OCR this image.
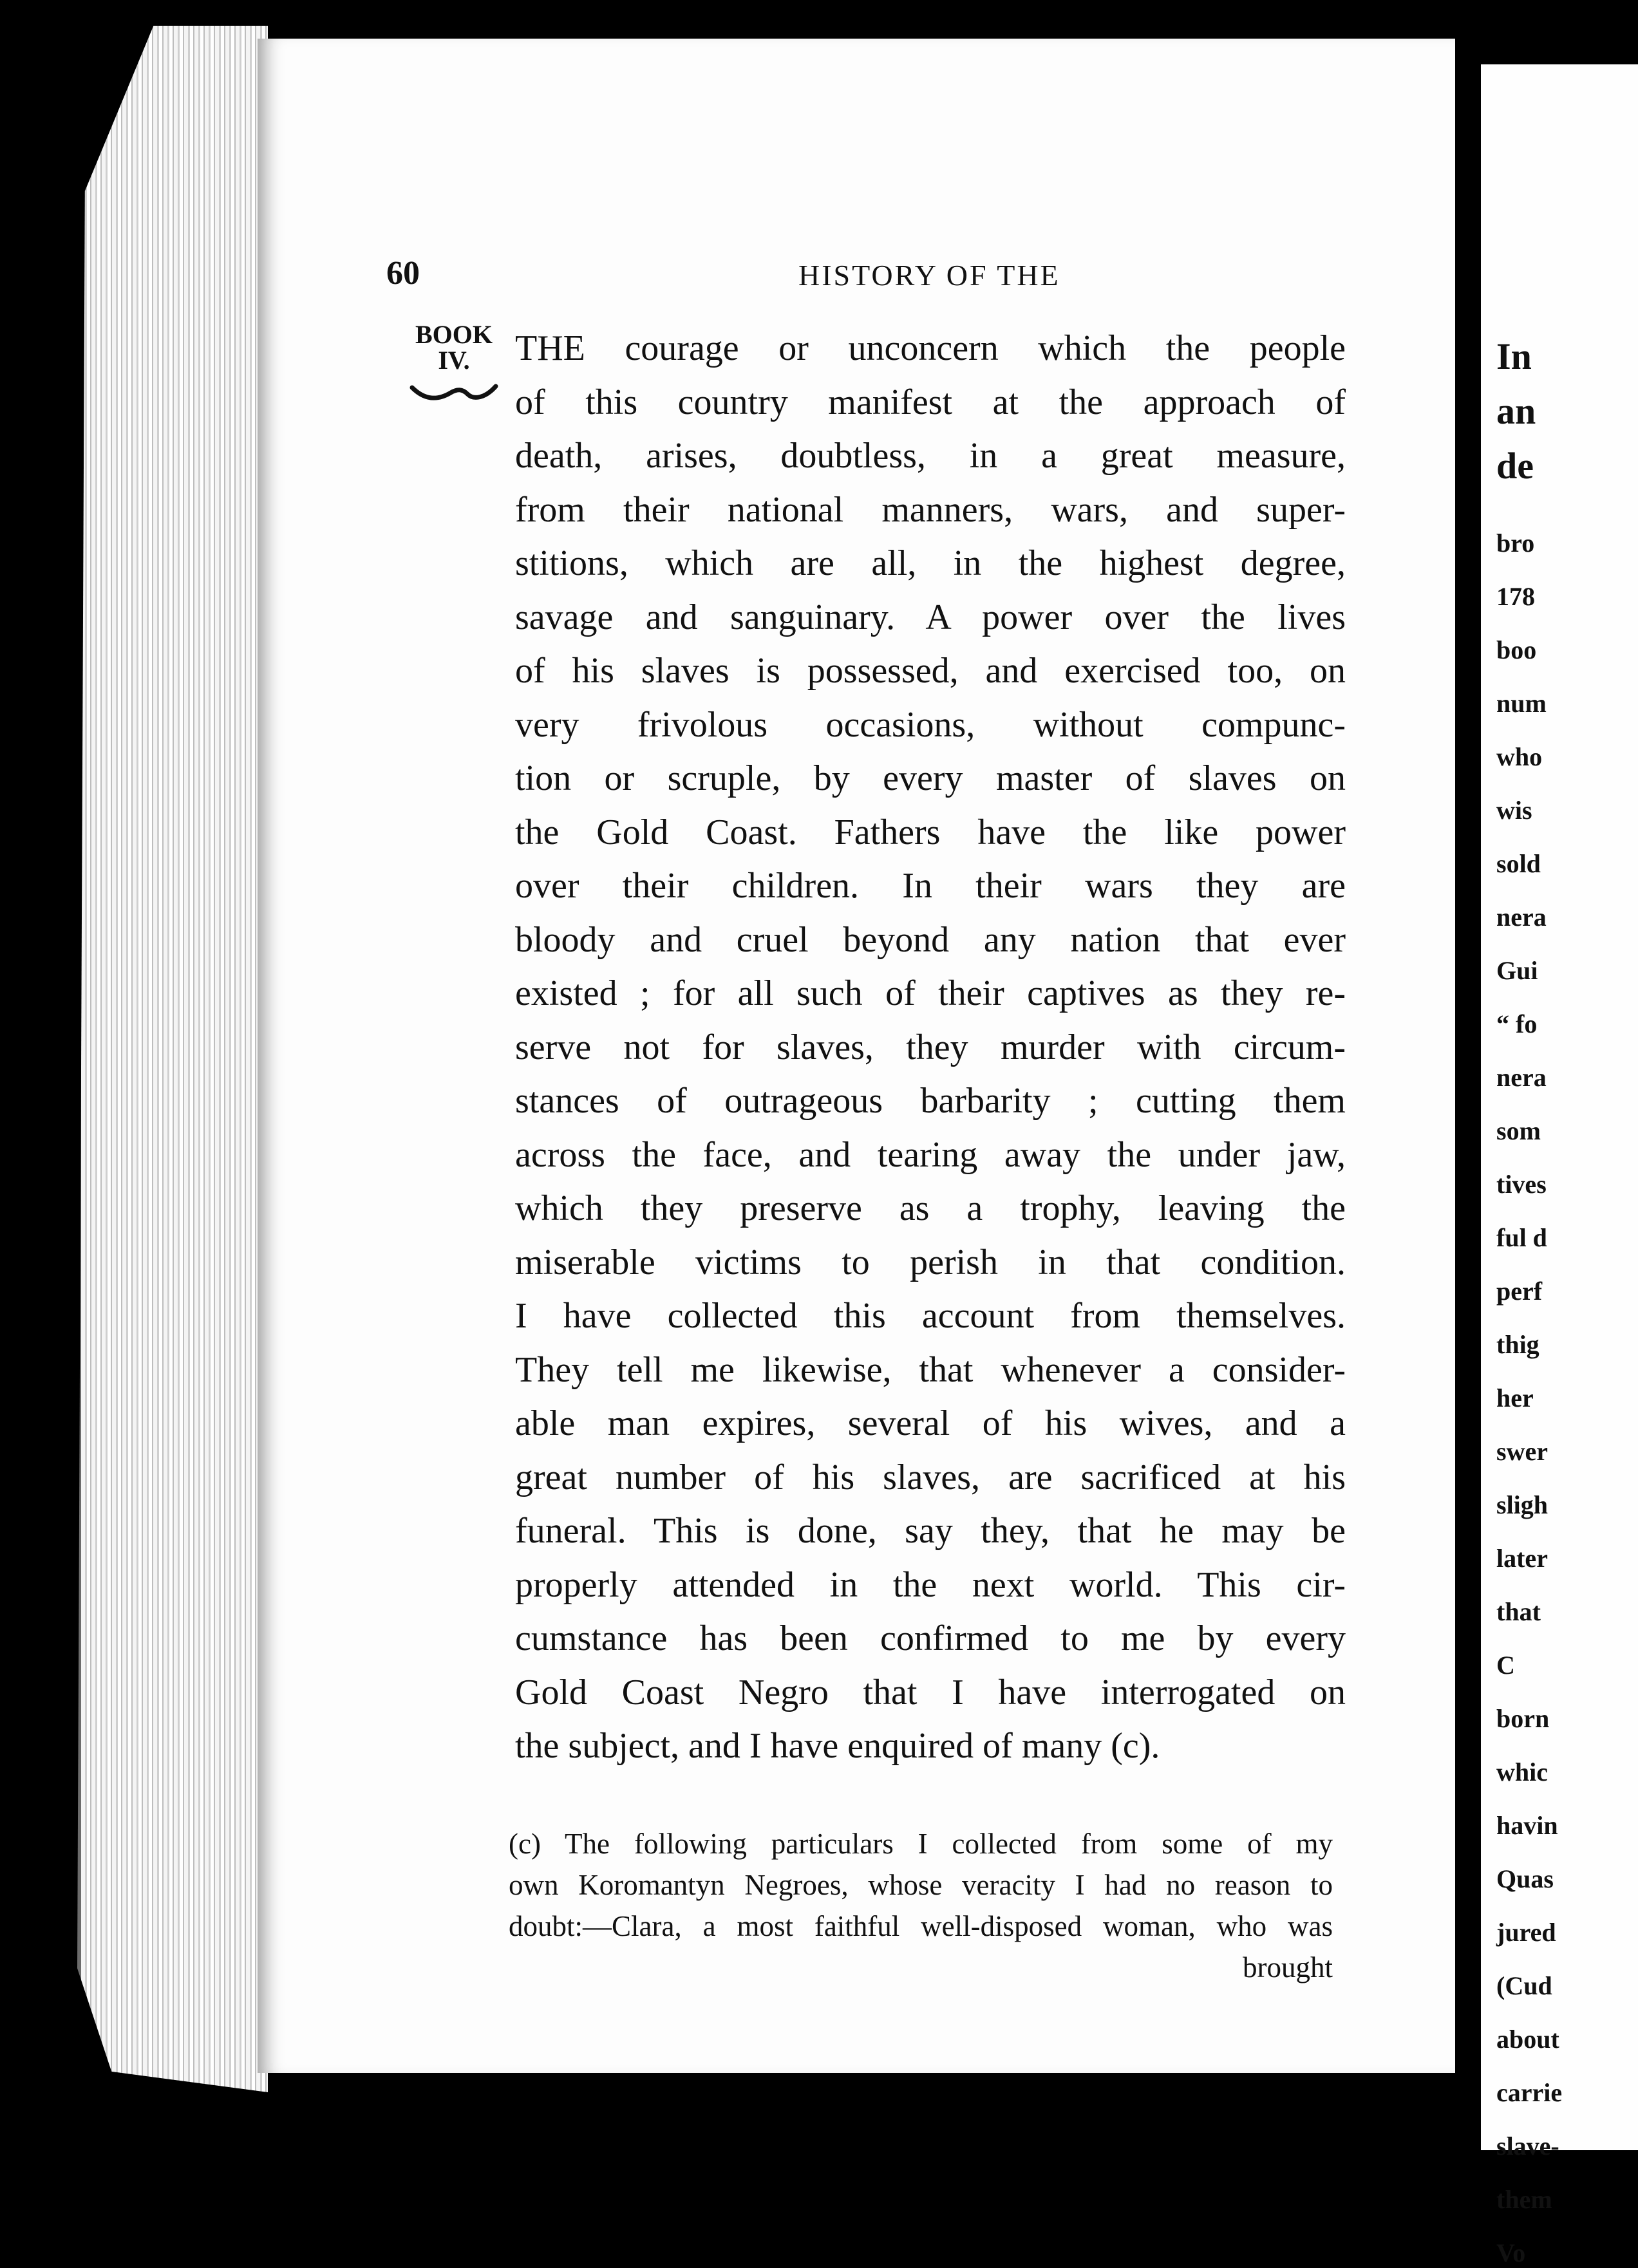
In
an
de
bro
178
boo
num
who
wis
sold
nera
Gui
“ fo
nera
som
tives
ful d
perf
thig
her
swer
sligh
later
that
C
born
whic
havin
Quas
jured
(Cud
about
carrie
slave-
them
Vo
60	HISTORY OF THE
BOOK
IV.	THE courage or unconcern which the people
of this country manifest at the approach of
death, arises, doubtless, in a great measure,
from their national manners, wars, and super-
stitions, which are all, in the highest degree,
savage and sanguinary. A power over the lives
of his slaves is possessed, and exercised too, on
very frivolous occasions, without compunc-
tion or scruple, by every master of slaves on
the Gold Coast. Fathers have the like power
over their children. In their wars they are
bloody and cruel beyond any nation that ever
existed ; for all such of their captives as they re-
serve not for slaves, they murder with circum-
stances of outrageous barbarity ; cutting them
across the face, and tearing away the under jaw,
which they preserve as a trophy, leaving the
miserable victims to perish in that condition.
I have collected this account from themselves.
They tell me likewise, that whenever a consider-
able man expires, several of his wives, and a
great number of his slaves, are sacrificed at his
funeral. This is done, say they, that he may be
properly attended in the next world. This cir-
cumstance has been confirmed to me by every
Gold Coast Negro that I have interrogated on
the subject, and I have enquired of many (c).
(c) The following particulars I collected from some of my
own Koromantyn Negroes, whose veracity I had no reason to
doubt:—Clara, a most faithful well-disposed woman, who was
brought
